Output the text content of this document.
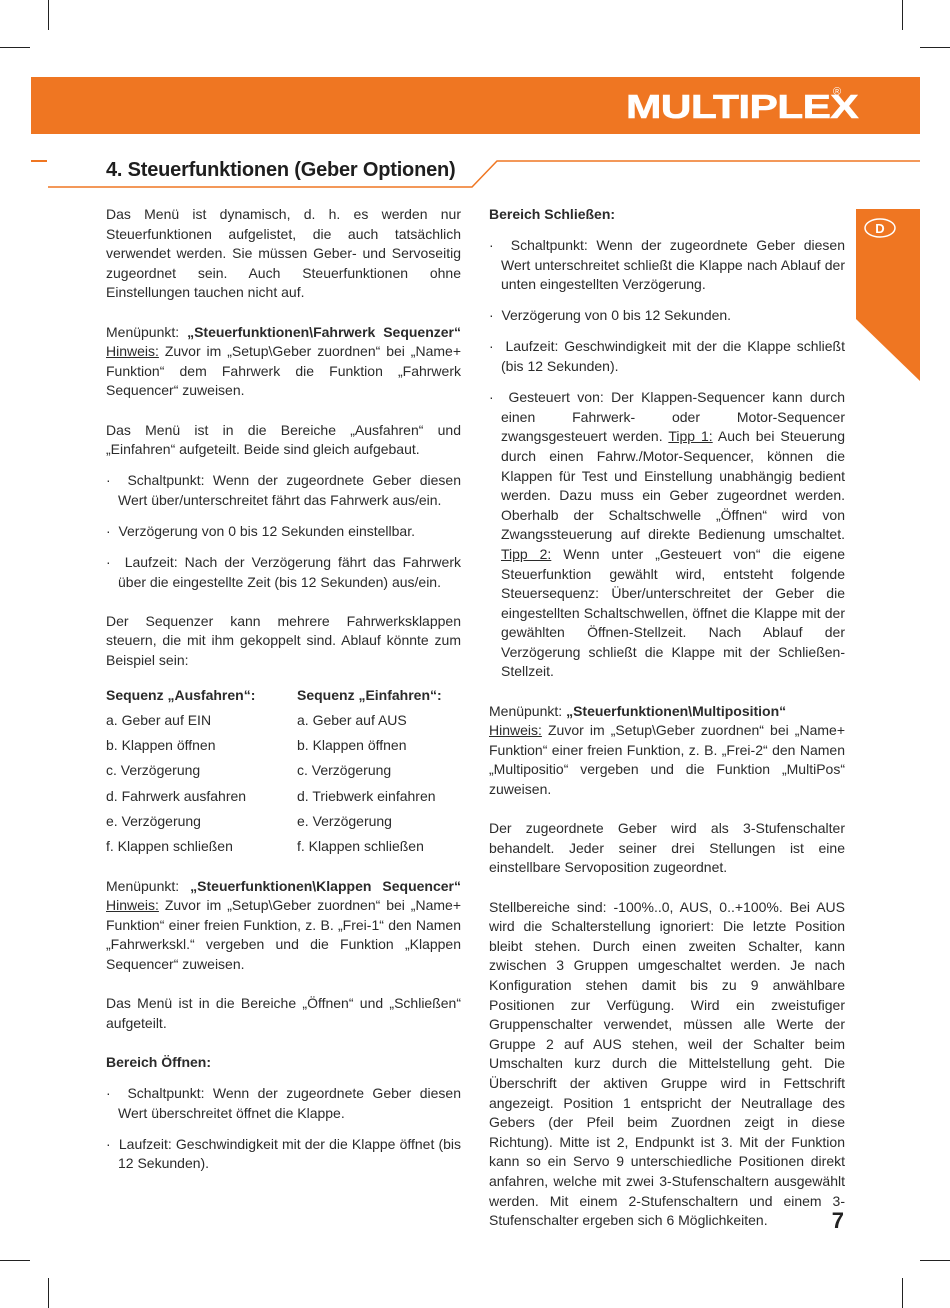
MULTIPLEX
®
4. Steuerfunktionen (Geber Optionen)
D

Das Menü ist dynamisch, d. h. es werden nur Steuerfunktionen aufgelistet, die auch tatsächlich verwendet werden. Sie müssen Geber- und Servoseitig zugeordnet sein. Auch Steuerfunktionen ohne Einstellungen tauchen nicht auf.

Menüpunkt: „Steuerfunktionen\Fahrwerk Sequenzer“

Hinweis: Zuvor im „Setup\Geber zuordnen“ bei „Name+ Funktion“ dem Fahrwerk die Funktion „Fahrwerk Sequencer“ zuweisen.

Das Menü ist in die Bereiche „Ausfahren“ und „Einfahren“ aufgeteilt. Beide sind gleich aufgebaut.

·  Schaltpunkt: Wenn der zugeordnete Geber diesen Wert über/unterschreitet fährt das Fahrwerk aus/ein.

·  Verzögerung von 0 bis 12 Sekunden einstellbar.

·  Laufzeit: Nach der Verzögerung fährt das Fahrwerk über die eingestellte Zeit (bis 12 Sekunden) aus/ein.

Der Sequenzer kann mehrere Fahrwerksklappen steuern, die mit ihm gekoppelt sind. Ablauf könnte zum Beispiel sein:

Sequenz „Ausfahren“:
a. Geber auf EIN
b. Klappen öffnen
c. Verzögerung
d. Fahrwerk ausfahren
e. Verzögerung
f. Klappen schließen
Sequenz „Einfahren“:
a. Geber auf AUS
b. Klappen öffnen
c. Verzögerung
d. Triebwerk einfahren
e. Verzögerung
f. Klappen schließen

Menüpunkt: „Steuerfunktionen\Klappen Sequencer“

Hinweis: Zuvor im „Setup\Geber zuordnen“ bei „Name+ Funktion“ einer freien Funktion, z. B. „Frei-1“ den Namen „Fahrwerkskl.“ vergeben und die Funktion „Klappen Sequencer“ zuweisen.

Das Menü ist in die Bereiche „Öffnen“ und „Schließen“ aufgeteilt.

Bereich Öffnen:

·  Schaltpunkt: Wenn der zugeordnete Geber diesen Wert überschreitet öffnet die Klappe.

·  Laufzeit: Geschwindigkeit mit der die Klappe öffnet (bis 12 Sekunden).

Bereich Schließen:

·  Schaltpunkt: Wenn der zugeordnete Geber diesen Wert unterschreitet schließt die Klappe nach Ablauf der unten eingestellten Verzögerung.

·  Verzögerung von 0 bis 12 Sekunden.

·  Laufzeit: Geschwindigkeit mit der die Klappe schließt (bis 12 Sekunden).

·  Gesteuert von: Der Klappen-Sequencer kann durch einen Fahrwerk- oder Motor-Sequencer zwangsgesteuert werden. Tipp 1: Auch bei Steuerung durch einen Fahrw./Motor-Sequencer, können die Klappen für Test und Einstellung unabhängig bedient werden. Dazu muss ein Geber zugeordnet werden. Oberhalb der Schaltschwelle „Öffnen“ wird von Zwangssteuerung auf direkte Bedienung umschaltet. Tipp 2: Wenn unter „Gesteuert von“ die eigene Steuerfunktion gewählt wird, entsteht folgende Steuersequenz: Über/unterschreitet der Geber die eingestellten Schaltschwellen, öffnet die Klappe mit der gewählten Öffnen-Stellzeit. Nach Ablauf der Verzögerung schließt die Klappe mit der Schließen-Stellzeit.

Menüpunkt: „Steuerfunktionen\Multiposition“

Hinweis: Zuvor im „Setup\Geber zuordnen“ bei „Name+ Funktion“ einer freien Funktion, z. B. „Frei-2“ den Namen „Multipositio“ vergeben und die Funktion „MultiPos“ zuweisen.

Der zugeordnete Geber wird als 3-Stufenschalter behandelt. Jeder seiner drei Stellungen ist eine einstellbare Servoposition zugeordnet.

Stellbereiche sind: -100%..0, AUS, 0..+100%. Bei AUS wird die Schalterstellung ignoriert: Die letzte Position bleibt stehen. Durch einen zweiten Schalter, kann zwischen 3 Gruppen umgeschaltet werden. Je nach Konfiguration stehen damit bis zu 9 anwählbare Positionen zur Verfügung. Wird ein zweistufiger Gruppenschalter verwendet, müssen alle Werte der Gruppe 2 auf AUS stehen, weil der Schalter beim Umschalten kurz durch die Mittelstellung geht. Die Überschrift der aktiven Gruppe wird in Fettschrift angezeigt. Position 1 entspricht der Neutrallage des Gebers (der Pfeil beim Zuordnen zeigt in diese Richtung). Mitte ist 2, Endpunkt ist 3. Mit der Funktion kann so ein Servo 9 unterschiedliche Positionen direkt anfahren, welche mit zwei 3-Stufenschaltern ausgewählt werden. Mit einem 2-Stufenschaltern und einem 3-Stufenschalter ergeben sich 6 Möglichkeiten.	7
